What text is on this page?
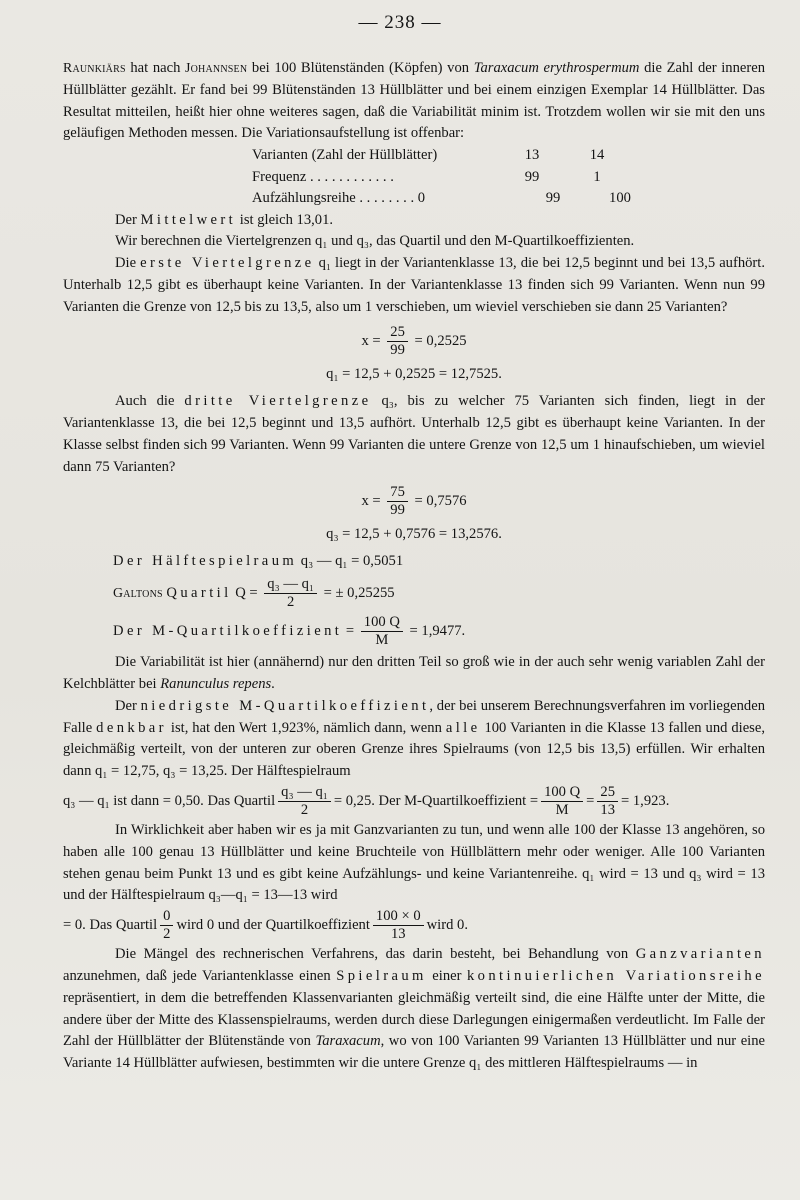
— 238 —

Raunkiärs hat nach Johannsen bei 100 Blütenständen (Köpfen) von Taraxacum erythrospermum die Zahl der inneren Hüllblätter gezählt. Er fand bei 99 Blütenständen 13 Hüllblätter und bei einem einzigen Exemplar 14 Hüllblätter. Das Resultat mitteilen, heißt hier ohne weiteres sagen, daß die Variabilität minim ist. Trotzdem wollen wir sie mit den uns geläufigen Methoden messen. Die Variationsaufstellung ist offenbar:

Varianten (Zahl der Hüllblätter)	13	14
Frequenz . . . . . . . . . . . .	99	1
Aufzählungsreihe . . . . . . . . 0	99	100

Der Mittelwert ist gleich 13,01.

Wir berechnen die Viertelgrenzen q₁ und q₃, das Quartil und den M-Quartilkoeffizienten.

Die erste Viertelgrenze q₁ liegt in der Variantenklasse 13, die bei 12,5 beginnt und bei 13,5 aufhört. Unterhalb 12,5 gibt es überhaupt keine Varianten. In der Variantenklasse 13 finden sich 99 Varianten. Wenn nun 99 Varianten die Grenze von 12,5 bis zu 13,5, also um 1 verschieben, um wieviel verschieben sie dann 25 Varianten?

$x = \frac{25}{99} = 0,2525$
q₁ = 12,5 + 0,2525 = 12,7525.

Auch die dritte Viertelgrenze q₃, bis zu welcher 75 Varianten sich finden, liegt in der Variantenklasse 13, die bei 12,5 beginnt und 13,5 aufhört. Unterhalb 12,5 gibt es überhaupt keine Varianten. In der Klasse selbst finden sich 99 Varianten. Wenn 99 Varianten die untere Grenze von 12,5 um 1 hinaufschieben, um wieviel dann 75 Varianten?

$x = \frac{75}{99} = 0,7576$
q₃ = 12,5 + 0,7576 = 13,2576.
Der Hälftespielraum q₃ — q₁ = 0,5051
Galtons Quartil $Q = \frac{\text{q₃ — q₁}}{2}$ = ± 0,25255
Der M-Quartilkoeffizient = $\frac{100 Q}{M} = 1,9477$.

Die Variabilität ist hier (annähernd) nur den dritten Teil so groß wie in der auch sehr wenig variablen Zahl der Kelchblätter bei Ranunculus repens.

Der niedrigste M-Quartilkoeffizient, der bei unserem Berechnungsverfahren im vorliegenden Falle denkbar ist, hat den Wert 1,923%, nämlich dann, wenn alle 100 Varianten in die Klasse 13 fallen und diese, gleichmäßig verteilt, von der unteren zur oberen Grenze ihres Spielraums (von 12,5 bis 13,5) erfüllen. Wir erhalten dann q₁ = 12,75, q₃ = 13,25. Der Hälftespielraum

q₃ — q₁ ist dann = 0,50. Das Quartil $\frac{\text{q₃ — q₁}}{2} = 0,25$. Der M-Quartilkoeffizient = $\frac{100 Q}{M} = \frac{25}{13} = 1,923$.

In Wirklichkeit aber haben wir es ja mit Ganzvarianten zu tun, und wenn alle 100 der Klasse 13 angehören, so haben alle 100 genau 13 Hüllblätter und keine Bruchteile von Hüllblättern mehr oder weniger. Alle 100 Varianten stehen genau beim Punkt 13 und es gibt keine Aufzählungs- und keine Variantenreihe. q₁ wird = 13 und q₃ wird = 13 und der Hälftespielraum q₃—q₁ = 13—13 wird

= 0. Das Quartil $\frac{0}{2}$ wird 0 und der Quartilkoeffizient $\frac{100 \times 0}{13}$ wird 0.

Die Mängel des rechnerischen Verfahrens, das darin besteht, bei Behandlung von Ganzvarianten anzunehmen, daß jede Variantenklasse einen Spielraum einer kontinuierlichen Variationsreihe repräsentiert, in dem die betreffenden Klassenvarianten gleichmäßig verteilt sind, die eine Hälfte unter der Mitte, die andere über der Mitte des Klassenspielraums, werden durch diese Darlegungen einigermaßen verdeutlicht. Im Falle der Zahl der Hüllblätter der Blütenstände von Taraxacum, wo von 100 Varianten 99 Varianten 13 Hüllblätter und nur eine Variante 14 Hüllblätter aufwiesen, bestimmten wir die untere Grenze q₁ des mittleren Hälftespielraums — in
